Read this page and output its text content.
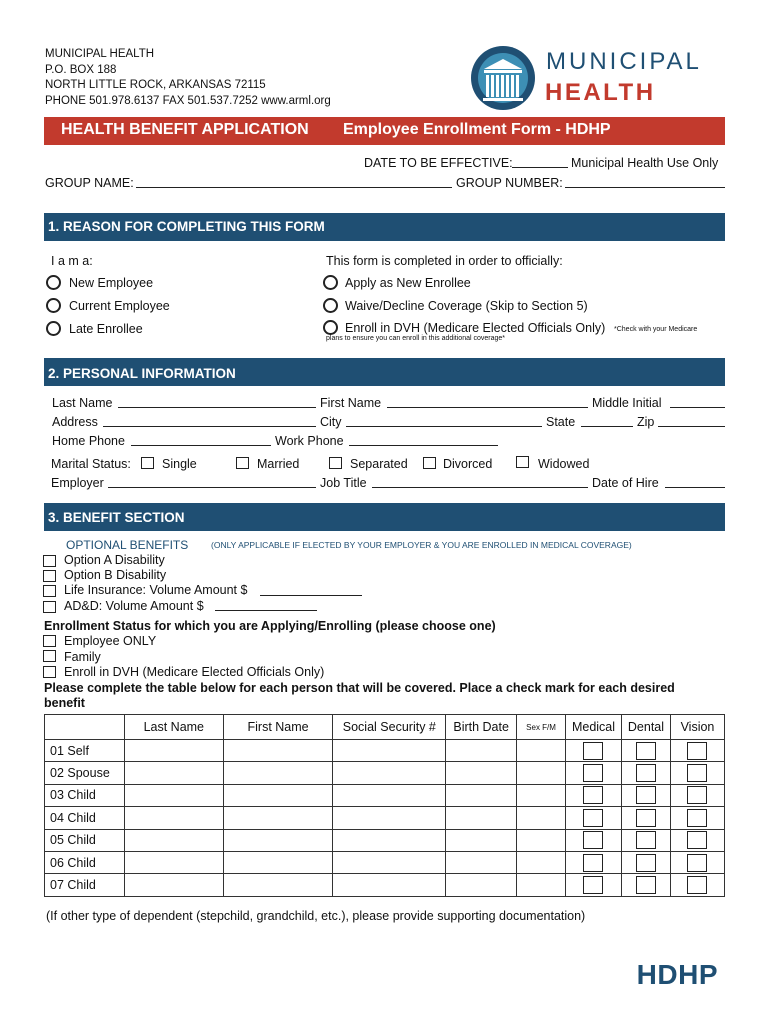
MUNICIPAL HEALTH
P.O. BOX 188
NORTH LITTLE ROCK, ARKANSAS 72115
PHONE 501.978.6137 FAX 501.537.7252 www.arml.org
MUNICIPAL
HEALTH
HEALTH BENEFIT APPLICATION Employee Enrollment Form - HDHP
DATE TO BE EFFECTIVE:	Municipal Health Use Only
GROUP NAME:	GROUP NUMBER:
1. REASON FOR COMPLETING THIS FORM
I a m a:
New Employee
Current Employee
Late Enrollee
This form is completed in order to officially:
Apply as New Enrollee
Waive/Decline Coverage (Skip to Section 5)
Enroll in DVH (Medicare Elected Officials Only) *Check with your Medicare
plans to ensure you can enroll in this additional coverage*
2. PERSONAL INFORMATION
Last Name	First Name	Middle Initial
Address	City	State	Zip
Home Phone	Work Phone
Marital Status: Single	Married	Separated	Divorced	Widowed
Employer	Job Title	Date of Hire
3. BENEFIT SECTION
OPTIONAL BENEFITS	(ONLY APPLICABLE IF ELECTED BY YOUR EMPLOYER & YOU ARE ENROLLED IN MEDICAL COVERAGE)
Option A Disability
Option B Disability
Life Insurance: Volume Amount $
AD&D: Volume Amount $
Enrollment Status for which you are Applying/Enrolling (please choose one)
Employee ONLY
Family
Enroll in DVH (Medicare Elected Officials Only)
Please complete the table below for each person that will be covered. Place a check mark for each desired
benefit
	Last Name	First Name	Social Security #	Birth Date	Sex F/M	Medical	Dental	Vision
01 Self								
02 Spouse								
03 Child								
04 Child								
05 Child								
06 Child								
07 Child								
(If other type of dependent (stepchild, grandchild, etc.), please provide supporting documentation)
HDHP
